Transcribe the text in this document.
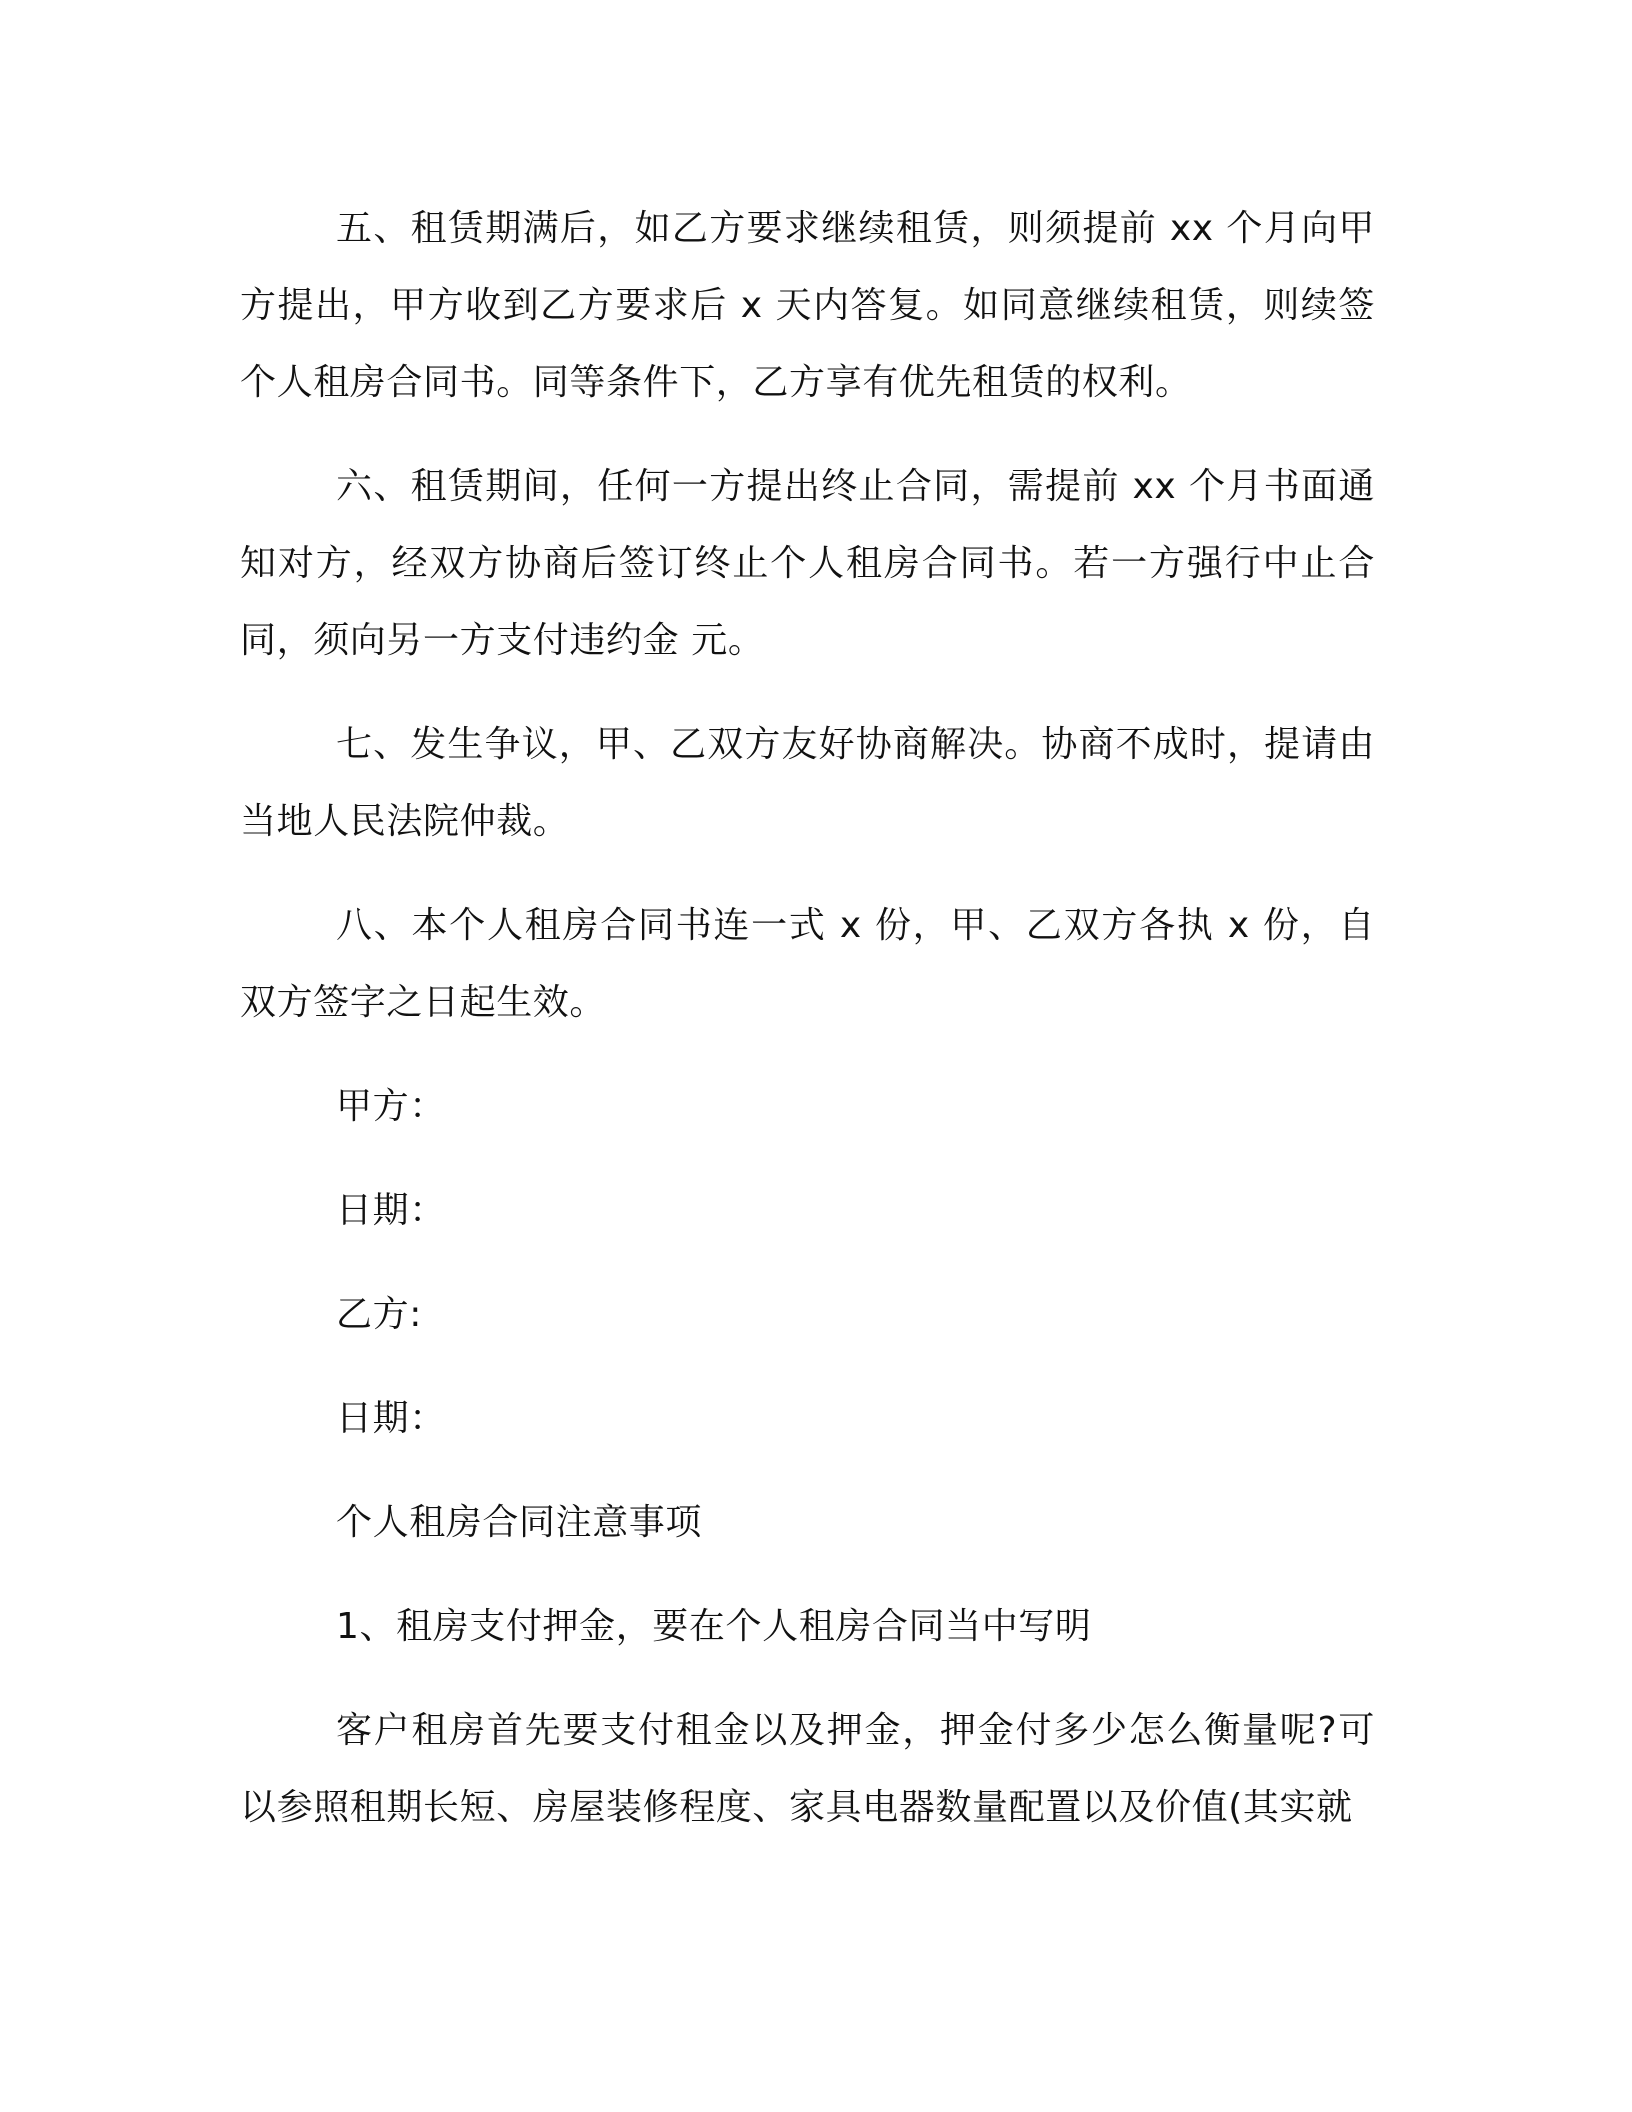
五、租赁期满后，如乙方要求继续租赁，则须提前 xx 个月向甲方提出，甲方收到乙方要求后 x 天内答复。如同意继续租赁，则续签个人租房合同书。同等条件下，乙方享有优先租赁的权利。

六、租赁期间，任何一方提出终止合同，需提前 xx 个月书面通知对方，经双方协商后签订终止个人租房合同书。若一方强行中止合同，须向另一方支付违约金 元。

七、发生争议，甲、乙双方友好协商解决。协商不成时，提请由当地人民法院仲裁。

八、本个人租房合同书连一式 x 份，甲、乙双方各执 x 份，自双方签字之日起生效。

甲方：

日期：

乙方:

日期：

个人租房合同注意事项

1、租房支付押金，要在个人租房合同当中写明

客户租房首先要支付租金以及押金，押金付多少怎么衡量呢?可以参照租期长短、房屋装修程度、家具电器数量配置以及价值(其实就
